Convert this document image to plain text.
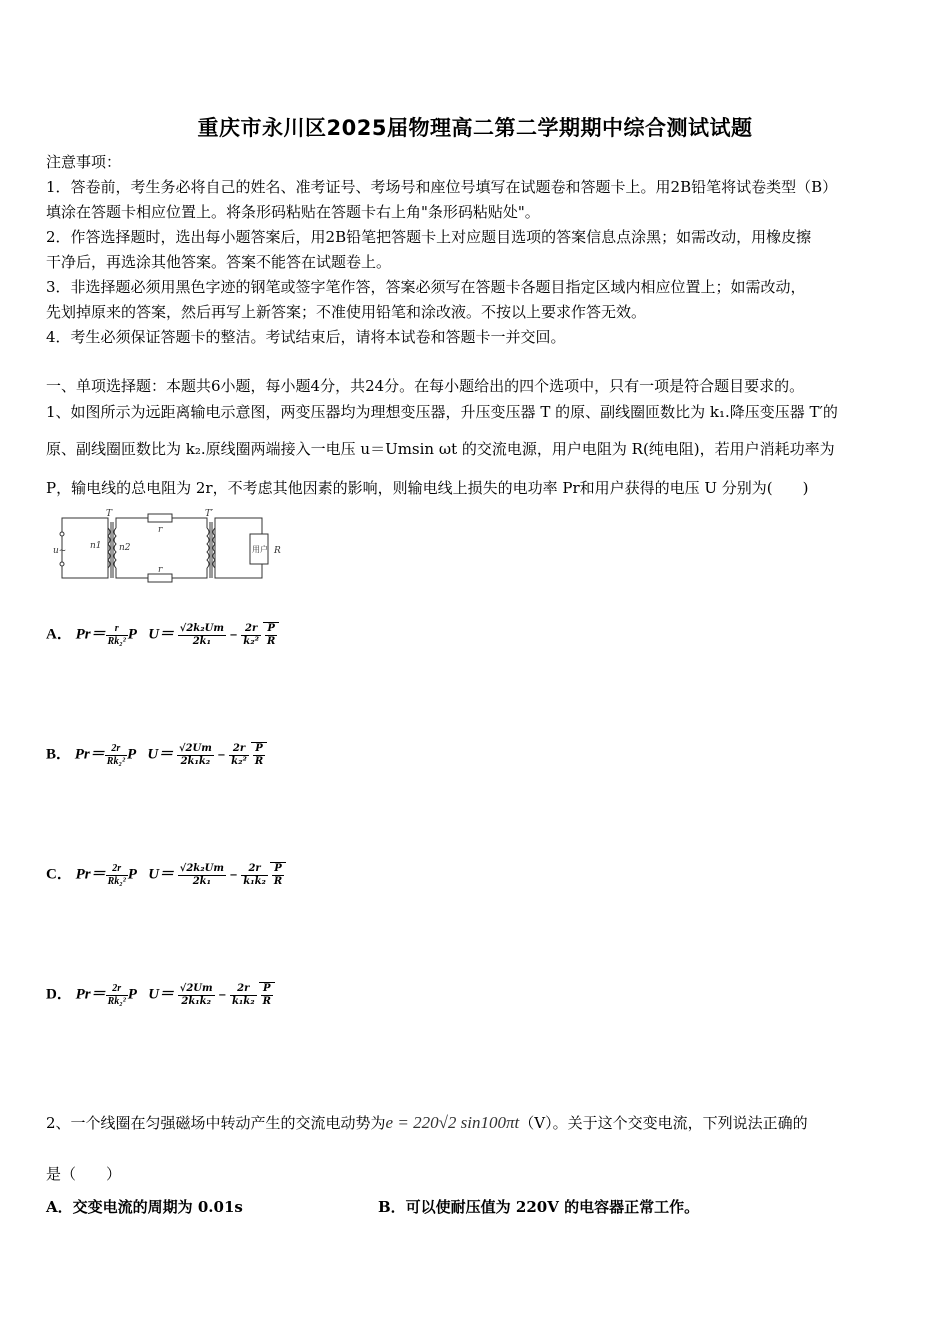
重庆市永川区2025届物理高二第二学期期中综合测试试题
注意事项：
1．答卷前，考生务必将自己的姓名、准考证号、考场号和座位号填写在试题卷和答题卡上。用2B铅笔将试卷类型（B）
填涂在答题卡相应位置上。将条形码粘贴在答题卡右上角"条形码粘贴处"。
2．作答选择题时，选出每小题答案后，用2B铅笔把答题卡上对应题目选项的答案信息点涂黑；如需改动，用橡皮擦
干净后，再选涂其他答案。答案不能答在试题卷上。
3．非选择题必须用黑色字迹的钢笔或签字笔作答，答案必须写在答题卡各题目指定区域内相应位置上；如需改动，
先划掉原来的答案，然后再写上新答案；不准使用铅笔和涂改液。不按以上要求作答无效。
4．考生必须保证答题卡的整洁。考试结束后，请将本试卷和答题卡一并交回。
一、单项选择题：本题共6小题，每小题4分，共24分。在每小题给出的四个选项中，只有一项是符合题目要求的。
1、如图所示为远距离输电示意图，两变压器均为理想变压器，升压变压器 T 的原、副线圈匝数比为 k₁.降压变压器 T′的
原、副线圈匝数比为 k₂.原线圈两端接入一电压 u＝Umsin ωt 的交流电源，用户电阻为 R(纯电阻)，若用户消耗功率为
P，输电线的总电阻为 2r，不考虑其他因素的影响，则输电线上损失的电功率 Pr和用户获得的电压 U 分别为(　　)
u~
T	T′
n1 n2
r
r
R
用户
A． $Pr= \frac{r}{\text{Rk₂²}}$ P $U= \frac{\text{√2k₂Um}}{\text{2k₁}} - \frac{2r}{\text{k₂²}} \frac{P}{R}$
B． $Pr= \frac{2r}{\text{Rk₂²}}$ P $U= \frac{√2Um}{\text{2k₁k₂}} - \frac{2r}{\text{k₂²}} \frac{P}{R}$
C． $Pr= \frac{2r}{\text{Rk₂²}}$ P $U= \frac{\text{√2k₂Um}}{\text{2k₁}} - \frac{2r}{\text{k₁k₂}} \frac{P}{R}$
D． $Pr= \frac{2r}{\text{Rk₂²}}$ P $U= \frac{√2Um}{\text{2k₁k₂}} - \frac{2r}{\text{k₁k₂}} \frac{P}{R}$
2、一个线圈在匀强磁场中转动产生的交流电动势为e = 220√2 sin100πt（V）。关于这个交变电流，下列说法正确的
是（　　）
A．交变电流的周期为 0.01s	B．可以使耐压值为 220V 的电容器正常工作。
